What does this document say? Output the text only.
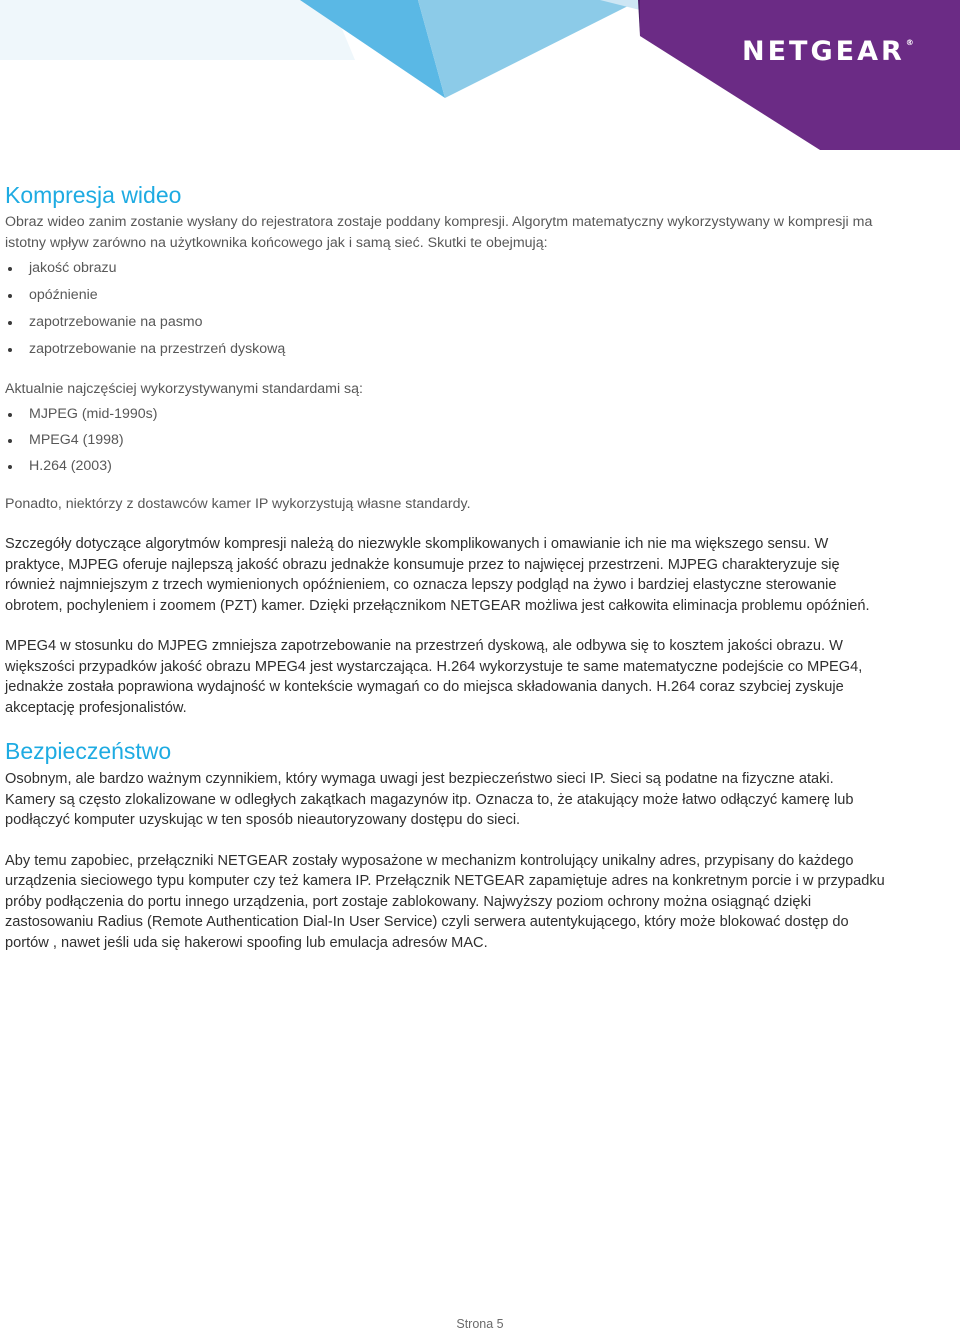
NETGEAR®
Kompresja wideo

Obraz wideo zanim zostanie wysłany do rejestratora zostaje poddany kompresji. Algorytm matematyczny wykorzystywany w kompresji ma istotny wpływ zarówno na użytkownika końcowego jak i samą sieć. Skutki te obejmują:

jakość obrazu
opóźnienie
zapotrzebowanie na pasmo
zapotrzebowanie na przestrzeń dyskową

Aktualnie najczęściej wykorzystywanymi standardami są:

MJPEG (mid-1990s)
MPEG4 (1998)
H.264 (2003)

Ponadto, niektórzy z dostawców kamer IP wykorzystują własne standardy.

Szczegóły dotyczące algorytmów kompresji należą do niezwykle skomplikowanych i omawianie ich nie ma większego sensu. W praktyce, MJPEG oferuje najlepszą jakość obrazu jednakże konsumuje przez to najwięcej przestrzeni. MJPEG charakteryzuje się również najmniejszym z trzech wymienionych opóźnieniem, co oznacza lepszy podgląd na żywo i bardziej elastyczne sterowanie obrotem, pochyleniem i zoomem (PZT) kamer. Dzięki przełącznikom NETGEAR możliwa jest całkowita eliminacja problemu opóźnień.

MPEG4 w stosunku do MJPEG zmniejsza zapotrzebowanie na przestrzeń dyskową, ale odbywa się to kosztem jakości obrazu. W większości przypadków jakość obrazu MPEG4 jest wystarczająca. H.264 wykorzystuje te same matematyczne podejście co MPEG4, jednakże została poprawiona wydajność w kontekście wymagań co do miejsca składowania danych. H.264 coraz szybciej zyskuje akceptację profesjonalistów.

Bezpieczeństwo

Osobnym, ale bardzo ważnym czynnikiem, który wymaga uwagi jest bezpieczeństwo sieci IP. Sieci są podatne na fizyczne ataki. Kamery są często zlokalizowane w odległych zakątkach magazynów itp. Oznacza to, że atakujący może łatwo odłączyć kamerę lub podłączyć komputer uzyskując w ten sposób nieautoryzowany dostępu do sieci.

Aby temu zapobiec, przełączniki NETGEAR zostały wyposażone w mechanizm kontrolujący unikalny adres, przypisany do każdego urządzenia sieciowego typu komputer czy też kamera IP. Przełącznik NETGEAR zapamiętuje adres na konkretnym porcie i w przypadku próby podłączenia do portu innego urządzenia, port zostaje zablokowany. Najwyższy poziom ochrony można osiągnąć dzięki zastosowaniu Radius (Remote Authentication Dial-In User Service) czyli serwera autentykującego, który może blokować dostęp do portów , nawet jeśli uda się hakerowi spoofing lub emulacja adresów MAC.

Strona 5
